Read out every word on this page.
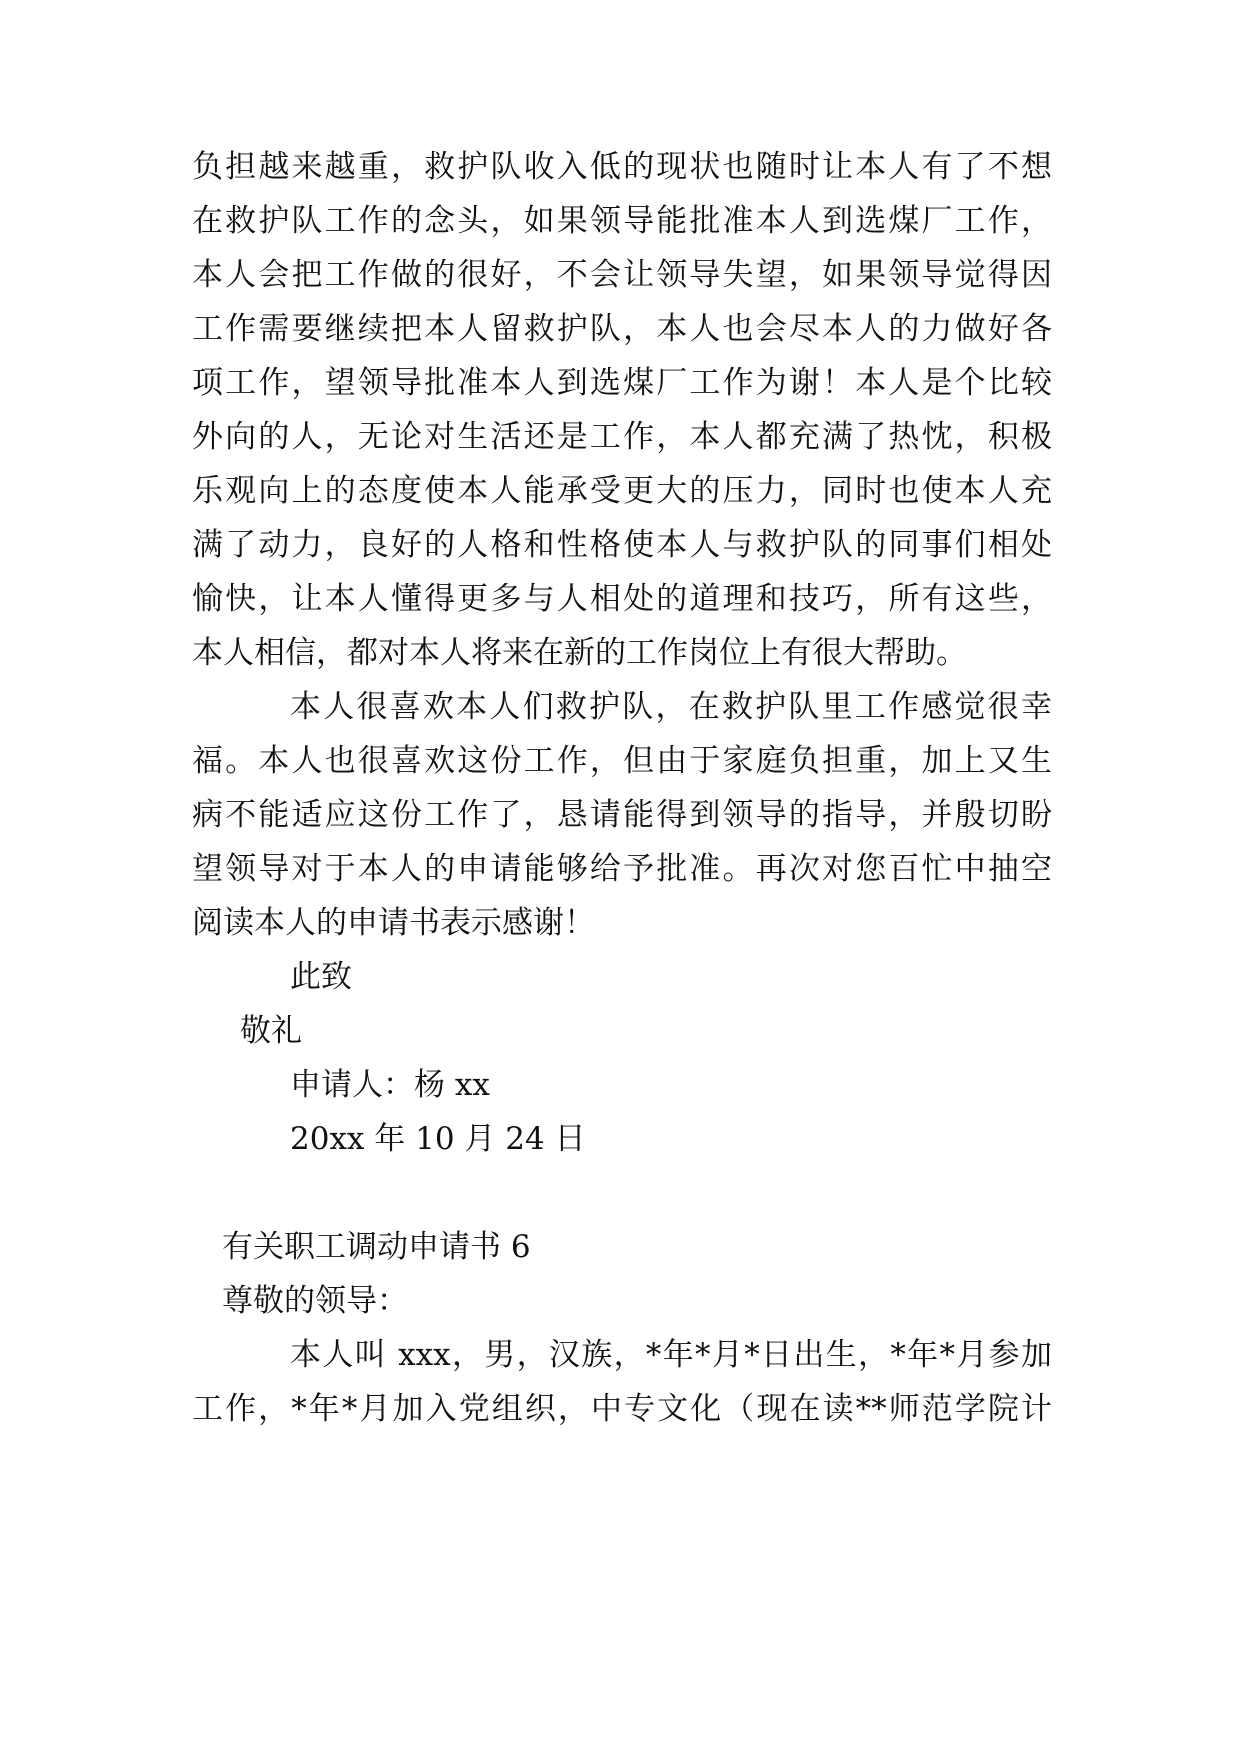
负担越来越重，救护队收入低的现状也随时让本人有了不想
在救护队工作的念头，如果领导能批准本人到选煤厂工作，
本人会把工作做的很好，不会让领导失望，如果领导觉得因
工作需要继续把本人留救护队，本人也会尽本人的力做好各
项工作，望领导批准本人到选煤厂工作为谢！本人是个比较
外向的人，无论对生活还是工作，本人都充满了热忱，积极
乐观向上的态度使本人能承受更大的压力，同时也使本人充
满了动力，良好的人格和性格使本人与救护队的同事们相处
愉快，让本人懂得更多与人相处的道理和技巧，所有这些，
本人相信，都对本人将来在新的工作岗位上有很大帮助。
本人很喜欢本人们救护队，在救护队里工作感觉很幸
福。本人也很喜欢这份工作，但由于家庭负担重，加上又生
病不能适应这份工作了，恳请能得到领导的指导，并殷切盼
望领导对于本人的申请能够给予批准。再次对您百忙中抽空
阅读本人的申请书表示感谢！
此致
敬礼
申请人：杨 xx
20xx 年 10 月 24 日
有关职工调动申请书 6
尊敬的领导：
本人叫 xxx，男，汉族，*年*月*日出生，*年*月参加
工作，*年*月加入党组织，中专文化（现在读**师范学院计
